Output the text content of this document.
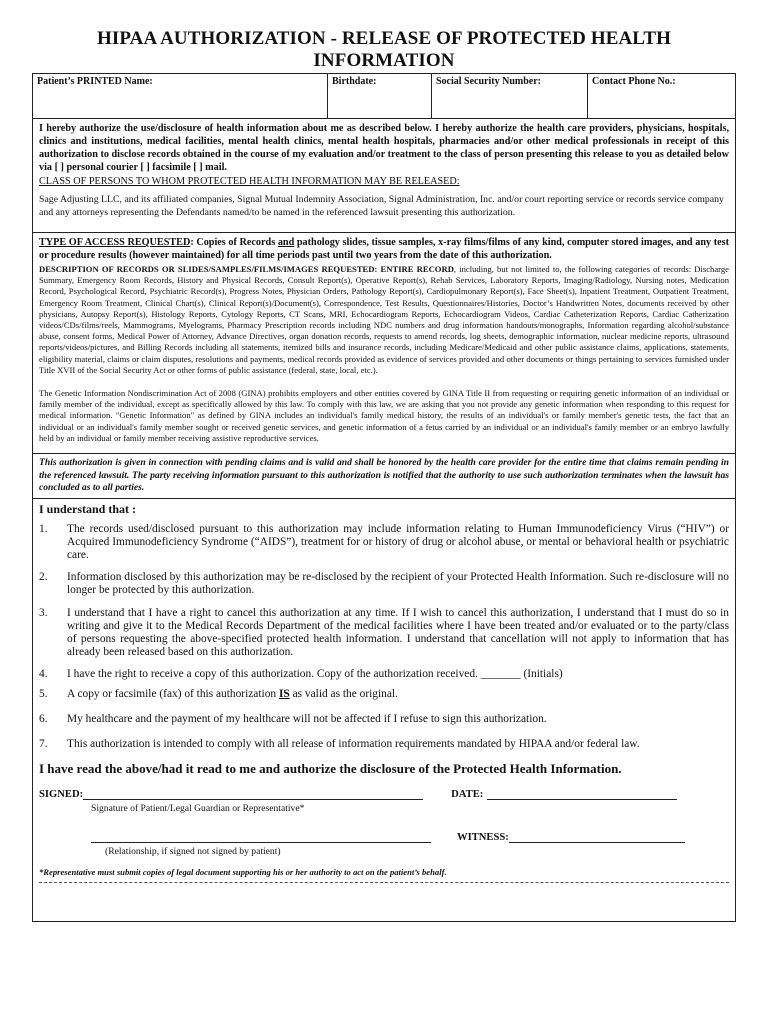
HIPAA AUTHORIZATION - RELEASE OF PROTECTED HEALTH INFORMATION
Patient’s PRINTED Name:	Birthdate:	Social Security Number:	Contact Phone No.:
I hereby authorize the use/disclosure of health information about me as described below. I hereby authorize the health care providers, physicians, hospitals, clinics and institutions, medical facilities, mental health clinics, mental health hospitals, pharmacies and/or other medical professionals in receipt of this authorization to disclose records obtained in the course of my evaluation and/or treatment to the class of person presenting this release to you as detailed below via [ ] personal courier [ ] facsimile [ ] mail.
CLASS OF PERSONS TO WHOM PROTECTED HEALTH INFORMATION MAY BE RELEASED:
Sage Adjusting LLC, and its affiliated companies, Signal Mutual Indemnity Association, Signal Administration, Inc. and/or court reporting service or records service company and any attorneys representing the Defendants named/to be named in the referenced lawsuit presenting this authorization.
TYPE OF ACCESS REQUESTED: Copies of Records and pathology slides, tissue samples, x-ray films/films of any kind, computer stored images, and any test or procedure results (however maintained) for all time periods past until two years from the date of this authorization.
DESCRIPTION OF RECORDS OR SLIDES/SAMPLES/FILMS/IMAGES REQUESTED: ENTIRE RECORD, including, but not limited to, the following categories of records: Discharge Summary, Emergency Room Records, History and Physical Records, Consult Report(s), Operative Report(s), Rehab Services, Laboratory Reports, Imaging/Radiology, Nursing notes, Medication Record, Psychological Record, Psychiatric Record(s), Progress Notes, Physician Orders, Pathology Report(s), Cardiopulmonary Report(s), Face Sheet(s), Inpatient Treatment, Outpatient Treatment, Emergency Room Treatment, Clinical Chart(s), Clinical Report(s)/Document(s), Correspondence, Test Results, Questionnaires/Histories, Doctor’s Handwritten Notes, documents received by other physicians, Autopsy Report(s), Histology Reports, Cytology Reports, CT Scans, MRI, Echocardiogram Reports, Echocardiogram Videos, Cardiac Catheterization Reports, Cardiac Catherization videos/CDs/films/reels, Mammograms, Myelograms, Pharmacy Prescription records including NDC numbers and drug information handouts/monographs, Information regarding alcohol/substance abuse, consent forms, Medical Power of Attorney, Advance Directives, organ donation records, requests to amend records, log sheets, demographic information, nuclear medicine reports, ultrasound reports/videos/pictures, and Billing Records including all statements, itemized bills and insurance records, including Medicare/Medicaid and other public assistance claims, applications, statements, eligibility material, claims or claim disputes, resolutions and payments, medical records provided as evidence of services provided and other documents or things pertaining to services furnished under Title XVII of the Social Security Act or other forms of public assistance (federal, state, local, etc.).
The Genetic Information Nondiscrimination Act of 2008 (GINA) prohibits employers and other entities covered by GINA Title II from requesting or requiring genetic information of an individual or family member of the individual, except as specifically allowed by this law. To comply with this law, we are asking that you not provide any genetic information when responding to this request for medical information. "Genetic Information" as defined by GINA includes an individual's family medical history, the results of an individual's or family member's genetic tests, the fact that an individual or an individual's family member sought or received genetic services, and genetic information of a fetus carried by an individual or an individual's family member or an embryo lawfully held by an individual or family member receiving assistive reproductive services.
This authorization is given in connection with pending claims and is valid and shall be honored by the health care provider for the entire time that claims remain pending in the referenced lawsuit. The party receiving information pursuant to this authorization is notified that the authority to use such authorization terminates when the lawsuit has concluded as to all parties.
I understand that :
1.	The records used/disclosed pursuant to this authorization may include information relating to Human Immunodeficiency Virus (“HIV”) or Acquired Immunodeficiency Syndrome (“AIDS”), treatment for or history of drug or alcohol abuse, or mental or behavioral health or psychiatric care.
2.	Information disclosed by this authorization may be re-disclosed by the recipient of your Protected Health Information. Such re-disclosure will no longer be protected by this authorization.
3.	I understand that I have a right to cancel this authorization at any time. If I wish to cancel this authorization, I understand that I must do so in writing and give it to the Medical Records Department of the medical facilities where I have been treated and/or evaluated or to the party/class of persons requesting the above-specified protected health information. I understand that cancellation will not apply to information that has already been released based on this authorization.
4.	I have the right to receive a copy of this authorization. Copy of the authorization received. _______ (Initials)
5.	A copy or facsimile (fax) of this authorization IS as valid as the original.
6.	My healthcare and the payment of my healthcare will not be affected if I refuse to sign this authorization.
7.	This authorization is intended to comply with all release of information requirements mandated by HIPAA and/or federal law.
I have read the above/had it read to me and authorize the disclosure of the Protected Health Information.
SIGNED:	DATE:
Signature of Patient/Legal Guardian or Representative*
WITNESS:
(Relationship, if signed not signed by patient)
*Representative must submit copies of legal document supporting his or her authority to act on the patient’s behalf.
